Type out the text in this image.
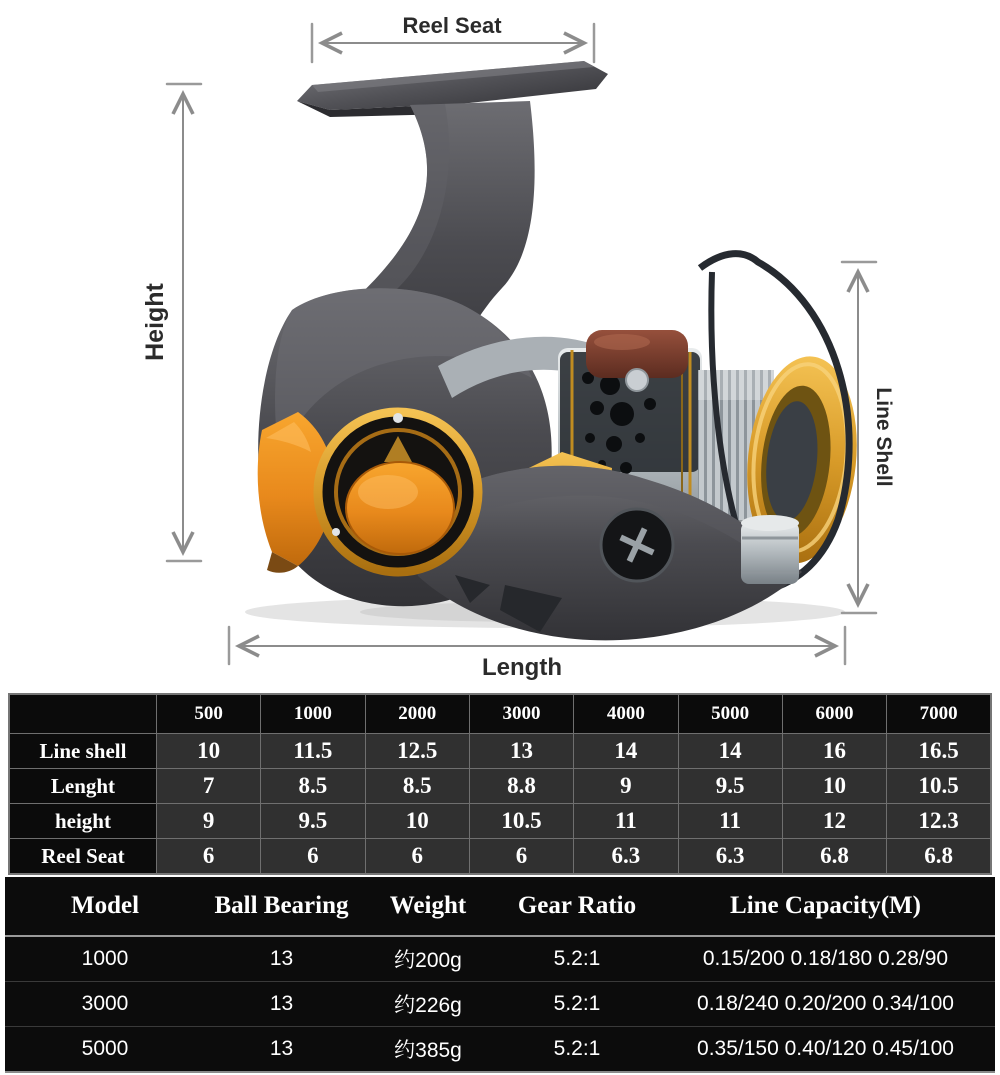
Reel Seat
Height
Line Shell
Length
	500	1000	2000	3000	4000	5000	6000	7000
Line shell	10	11.5	12.5	13	14	14	16	16.5
Lenght	7	8.5	8.5	8.8	9	9.5	10	10.5
height	9	9.5	10	10.5	11	11	12	12.3
Reel Seat	6	6	6	6	6.3	6.3	6.8	6.8
Model	Ball Bearing	Weight	Gear Ratio	Line Capacity(M)
1000	13	约200g	5.2:1	0.15/200 0.18/180 0.28/90
3000	13	约226g	5.2:1	0.18/240 0.20/200 0.34/100
5000	13	约385g	5.2:1	0.35/150 0.40/120 0.45/100
